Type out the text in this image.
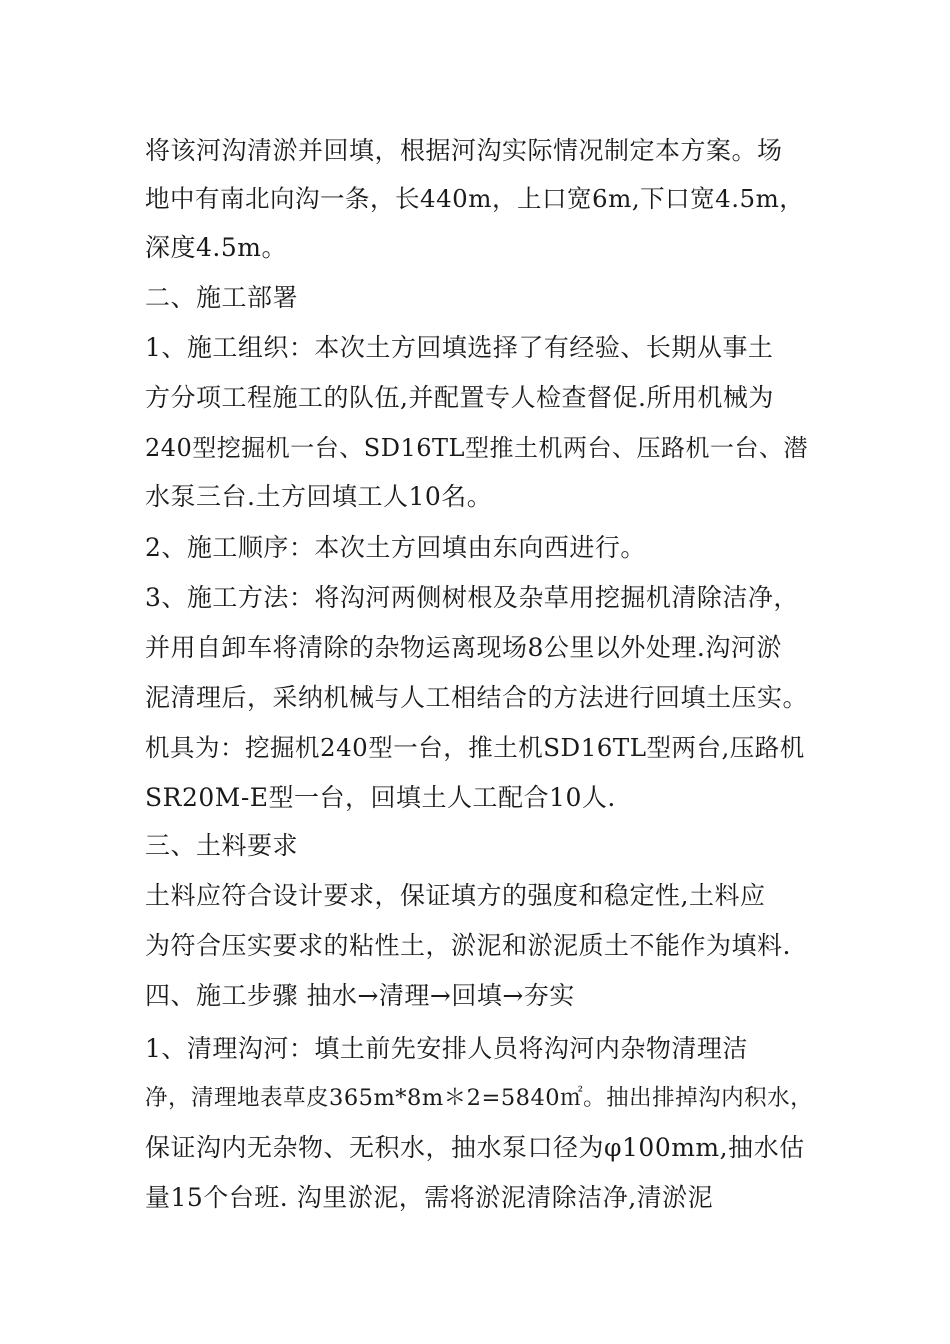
将该河沟清淤并回填，根据河沟实际情况制定本方案。场
地中有南北向沟一条，长440m，上口宽6m,下口宽4.5m，
深度4.5m。
二、施工部署
1、施工组织：本次土方回填选择了有经验、长期从事土
方分项工程施工的队伍,并配置专人检查督促.所用机械为
240型挖掘机一台、SD16TL型推土机两台、压路机一台、潜
水泵三台.土方回填工人10名。
2、施工顺序：本次土方回填由东向西进行。
3、施工方法：将沟河两侧树根及杂草用挖掘机清除洁净，
并用自卸车将清除的杂物运离现场8公里以外处理.沟河淤
泥清理后，采纳机械与人工相结合的方法进行回填土压实。
机具为：挖掘机240型一台，推土机SD16TL型两台,压路机
SR20M-E型一台，回填土人工配合10人.
三、土料要求
土料应符合设计要求，保证填方的强度和稳定性,土料应
为符合压实要求的粘性土，淤泥和淤泥质土不能作为填料.
四、施工步骤 抽水→清理→回填→夯实
1、清理沟河：填土前先安排人员将沟河内杂物清理洁
净，清理地表草皮365m*8m＊2=5840㎡。抽出排掉沟内积水，
保证沟内无杂物、无积水，抽水泵口径为φ100mm,抽水估
量15个台班. 沟里淤泥，需将淤泥清除洁净,清淤泥
